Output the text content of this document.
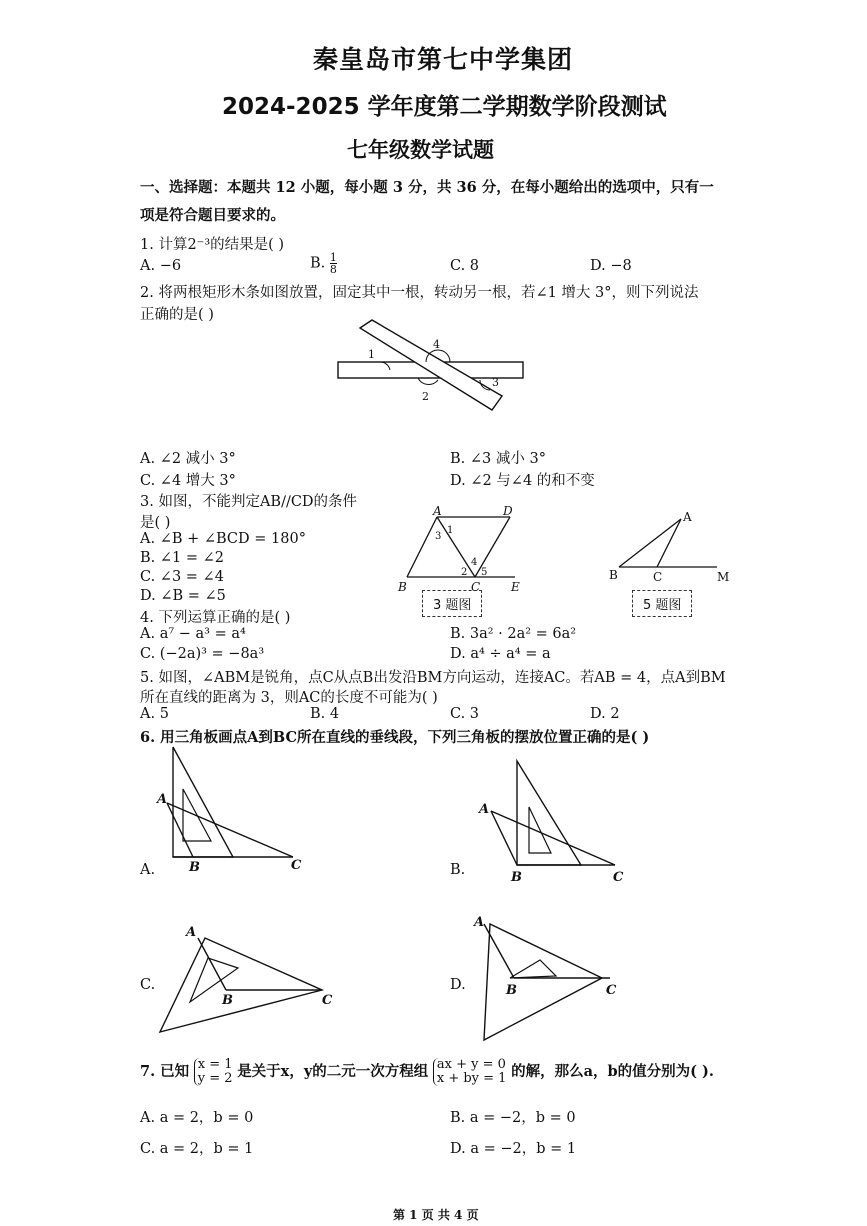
秦皇岛市第七中学集团
2024-2025 学年度第二学期数学阶段测试
七年级数学试题
一、选择题：本题共 12 小题，每小题 3 分，共 36 分，在每小题给出的选项中，只有一
项是符合题目要求的。
1. 计算2⁻³的结果是( )
A. −6	B. $\frac{1}{8}$	C. 8	D. −8
2. 将两根矩形木条如图放置，固定其中一根，转动另一根，若∠1 增大 3°，则下列说法
正确的是( )
1
4
2
3
A. ∠2 减小 3°	B. ∠3 减小 3°
C. ∠4 增大 3°	D. ∠2 与∠4 的和不变
3. 如图，不能判定AB∕∕CD的条件
是( )
A. ∠B + ∠BCD = 180°
B. ∠1 = ∠2
C. ∠3 = ∠4
D. ∠B = ∠5
A	D
B	C	E
1
3
2
4
5
3 题图
A
B	C	M
5 题图
4. 下列运算正确的是( )
A. a⁷ − a³ = a⁴	B. 3a² · 2a² = 6a²
C. (−2a)³ = −8a³	D. a⁴ ÷ a⁴ = a
5. 如图，∠ABM是锐角，点C从点B出发沿BM方向运动，连接AC。若AB = 4，点A到BM
所在直线的距离为 3，则AC的长度不可能为( )
A. 5	B. 4	C. 3	D. 2
6. 用三角板画点A到BC所在直线的垂线段，下列三角板的摆放位置正确的是( )
A
B	C
A.
A
B	C
B.
A
B	C
C.
A
B	C
D.
7. 已知 x = 1
y = 2 是关于x，y的二元一次方程组 ax + y = 0
x + by = 1 的解，那么a，b的值分别为( ).
A. a = 2，b = 0	B. a = −2，b = 0
C. a = 2，b = 1	D. a = −2，b = 1
第 1 页 共 4 页
